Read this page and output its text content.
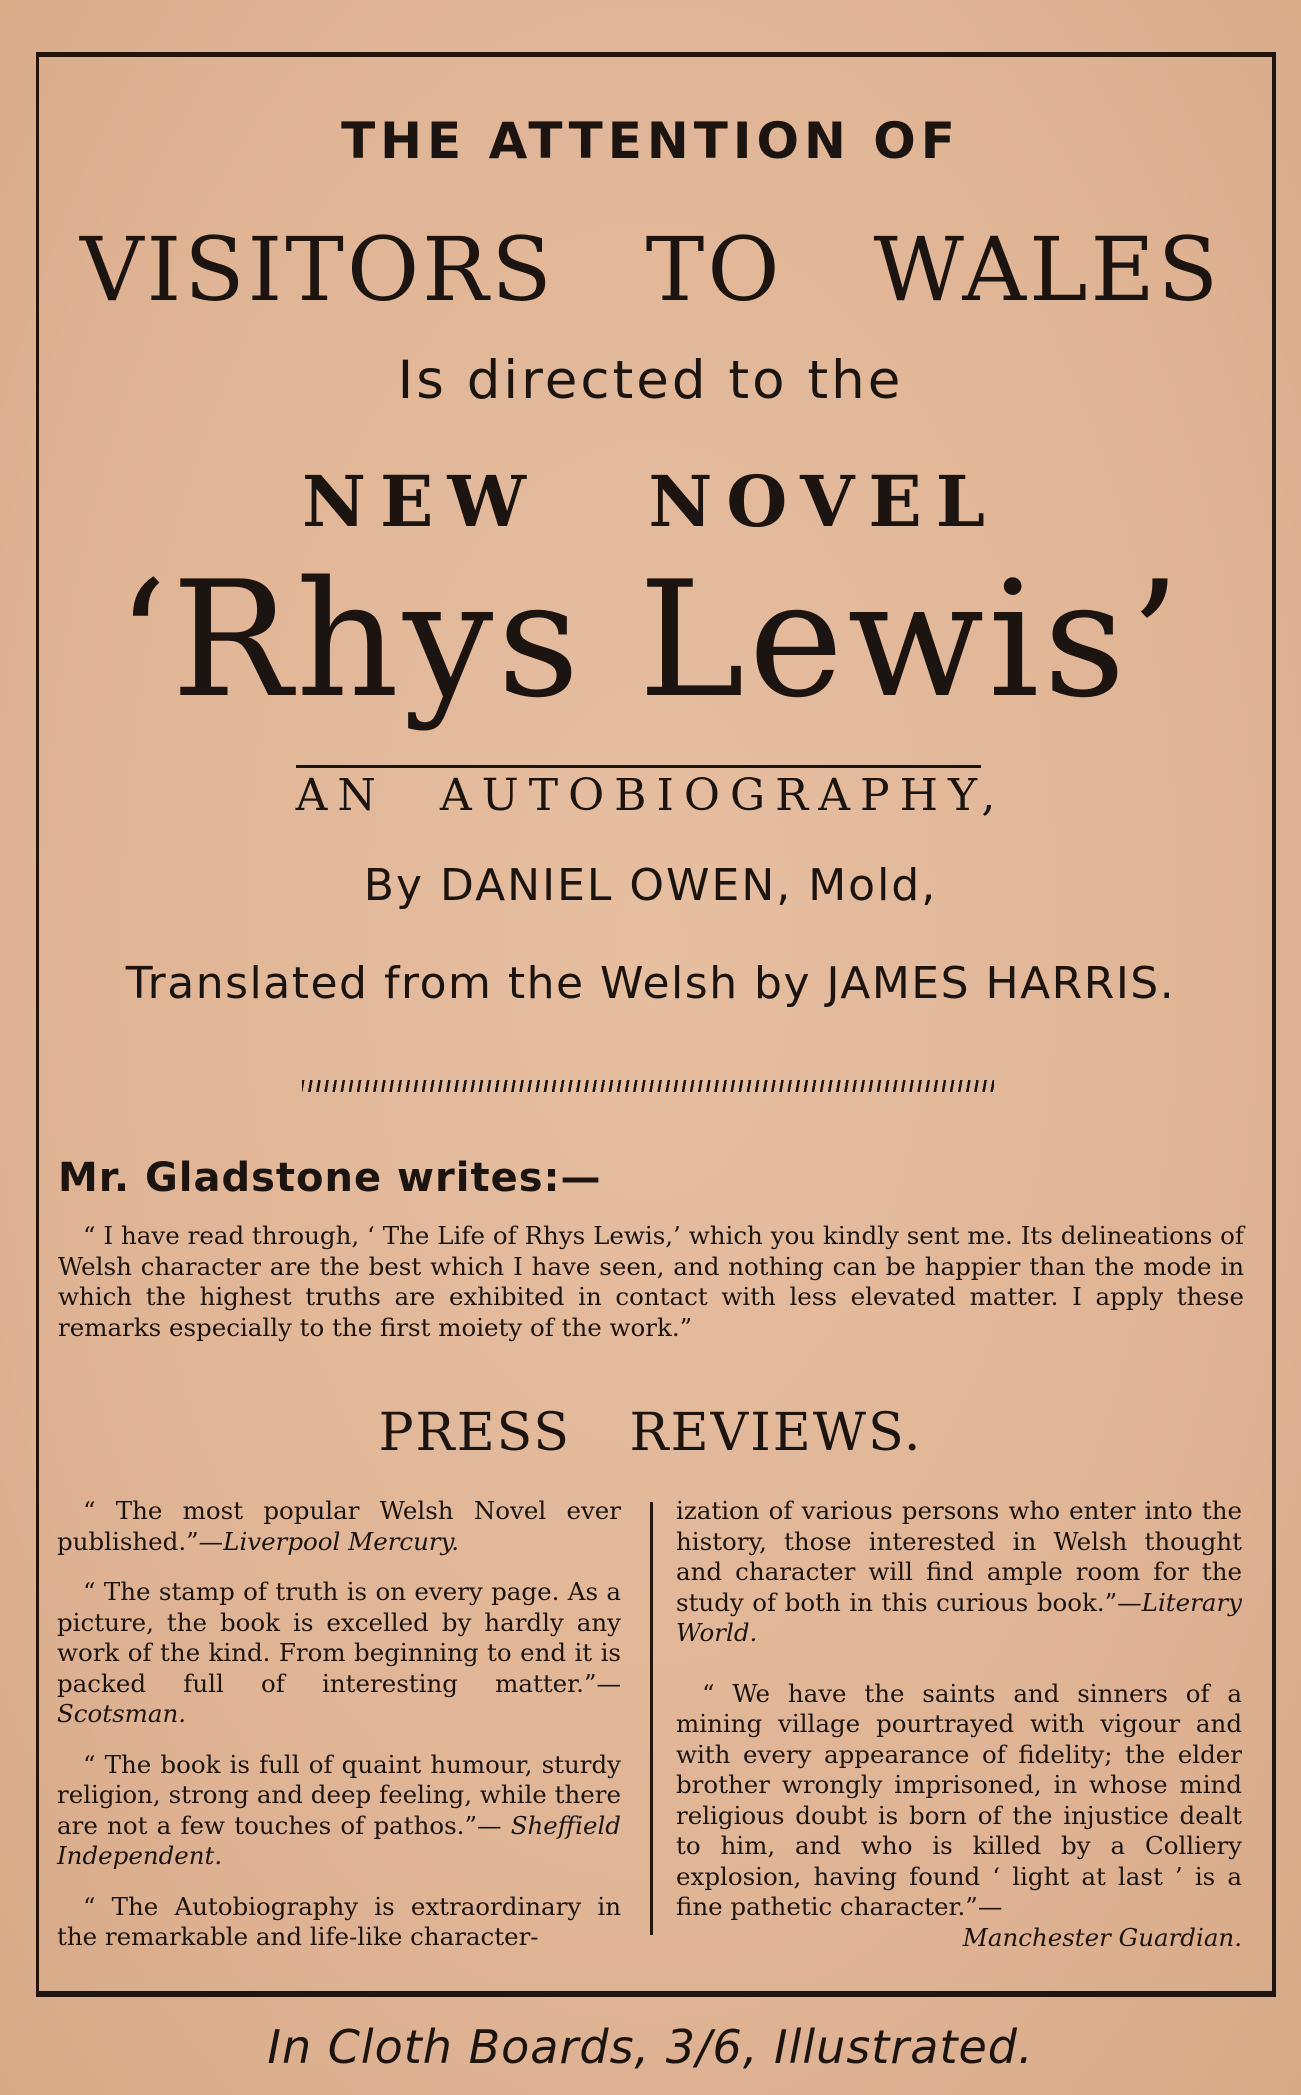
THE ATTENTION OF
VISITORS TO WALES
Is directed to the
NEW NOVEL
‘Rhys Lewis’
AN AUTOBIOGRAPHY,
By DANIEL OWEN, Mold,
Translated from the Welsh by JAMES HARRIS.
Mr. Gladstone writes:—
“ I have read through, ‘ The Life of Rhys Lewis,’ which you kindly sent me. Its delineations of Welsh character are the best which I have seen, and nothing can be happier than the mode in which the highest truths are exhibited in contact with less elevated matter. I apply these remarks especially to the first moiety of the work.”
PRESS REVIEWS.

“ The most popular Welsh Novel ever published.”—Liverpool Mercury.

“ The stamp of truth is on every page. As a picture, the book is excelled by hardly any work of the kind. From beginning to end it is packed full of interesting matter.”—Scotsman.

“ The book is full of quaint humour, sturdy religion, strong and deep feeling, while there are not a few touches of pathos.”— Sheffield Independent.

“ The Autobiography is extraordinary in the remarkable and life-like character-

ization of various persons who enter into the history, those interested in Welsh thought and character will find ample room for the study of both in this curious book.”—Literary World.

“ We have the saints and sinners of a mining village pourtrayed with vigour and with every appearance of fidelity; the elder brother wrongly imprisoned, in whose mind religious doubt is born of the injustice dealt to him, and who is killed by a Colliery explosion, having found ‘ light at last ’ is a fine pathetic character.”—
Manchester Guardian.

In Cloth Boards, 3/6, Illustrated.
